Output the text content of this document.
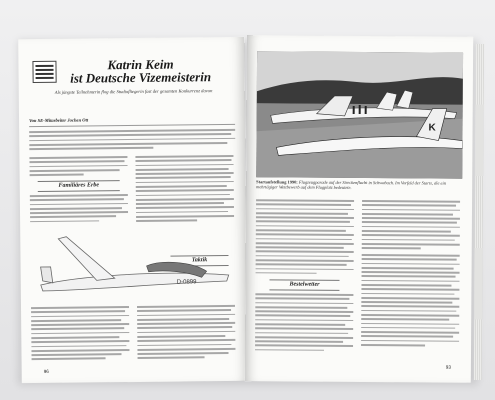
Katrin Keim
ist Deutsche Vizemeisterin
Als jüngste Teilnehmerin flog die Studiofliegerin fast der gesamten Konkurrenz davon
Von SE-Mitarbeiter Jochen Ott
Familiäres Erbe
Taktik
D-0899
96
K
Startaufstellung 1990: Flugzeugparade auf der Streckenflucht in Schwabach. Im Vorfeld der Starts, die ein mehrtägiger Wettbewerb auf dem Flugplatz bedeutete.
Bestelwetter
93
